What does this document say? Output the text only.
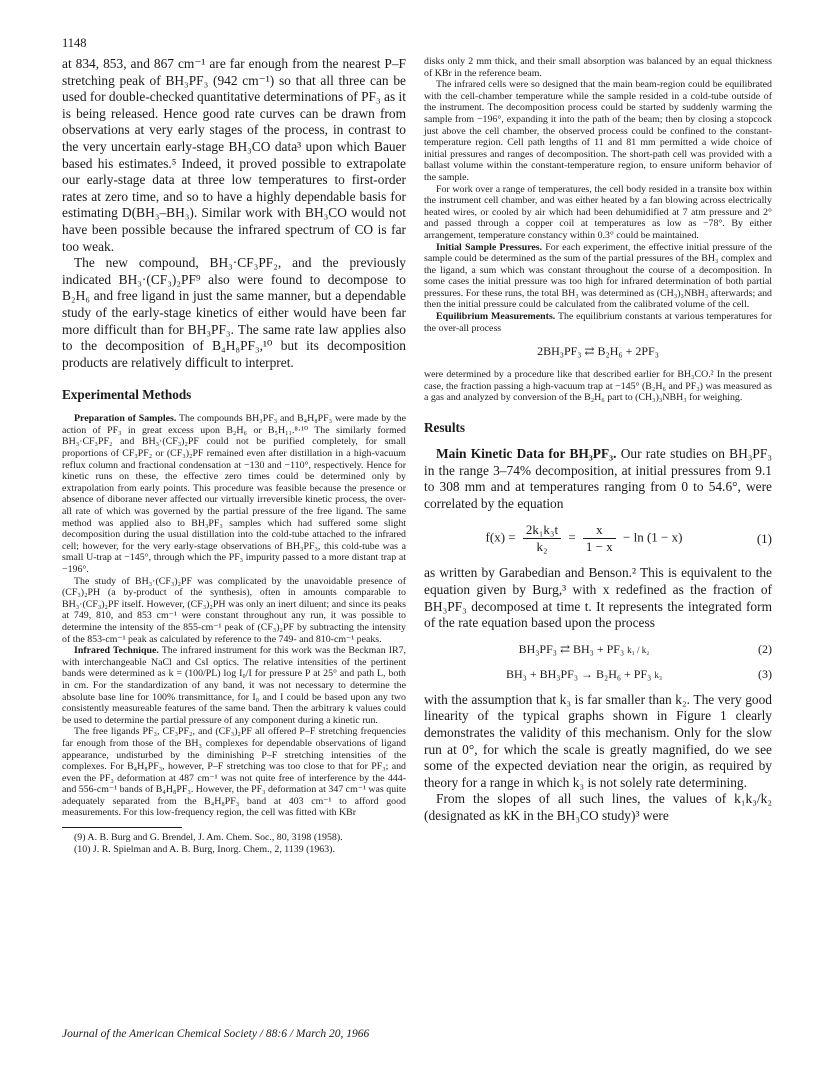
1148

at 834, 853, and 867 cm⁻¹ are far enough from the nearest P–F stretching peak of BH₃PF₃ (942 cm⁻¹) so that all three can be used for double-checked quantitative determinations of PF₃ as it is being released. Hence good rate curves can be drawn from observations at very early stages of the process, in contrast to the very uncertain early-stage BH₃CO data³ upon which Bauer based his estimates.⁵ Indeed, it proved possible to extrapolate our early-stage data at three low temperatures to first-order rates at zero time, and so to have a highly dependable basis for estimating D(BH₃–BH₃). Similar work with BH₃CO would not have been possible because the infrared spectrum of CO is far too weak.

The new compound, BH₃·CF₃PF₂, and the previously indicated BH₃·(CF₃)₂PF⁹ also were found to decompose to B₂H₆ and free ligand in just the same manner, but a dependable study of the early-stage kinetics of either would have been far more difficult than for BH₃PF₃. The same rate law applies also to the decomposition of B₄H₈PF₃,¹⁰ but its decomposition products are relatively difficult to interpret.

Experimental Methods

Preparation of Samples. The compounds BH₃PF₃ and B₄H₈PF₃ were made by the action of PF₃ in great excess upon B₂H₆ or B₅H₁₁.⁸·¹⁰ The similarly formed BH₃·CF₃PF₂ and BH₃·(CF₃)₂PF could not be purified completely, for small proportions of CF₃PF₂ or (CF₃)₂PF remained even after distillation in a high-vacuum reflux column and fractional condensation at −130 and −110°, respectively. Hence for kinetic runs on these, the effective zero times could be determined only by extrapolation from early points. This procedure was feasible because the presence or absence of diborane never affected our virtually irreversible kinetic process, the over-all rate of which was governed by the partial pressure of the free ligand. The same method was applied also to BH₃PF₃ samples which had suffered some slight decomposition during the usual distillation into the cold-tube attached to the infrared cell; however, for the very early-stage observations of BH₃PF₃, this cold-tube was a small U-trap at −145°, through which the PF₃ impurity passed to a more distant trap at −196°.

The study of BH₃·(CF₃)₂PF was complicated by the unavoidable presence of (CF₃)₂PH (a by-product of the synthesis), often in amounts comparable to BH₃·(CF₃)₂PF itself. However, (CF₃)₂PH was only an inert diluent; and since its peaks at 749, 810, and 853 cm⁻¹ were constant throughout any run, it was possible to determine the intensity of the 855-cm⁻¹ peak of (CF₃)₂PF by subtracting the intensity of the 853-cm⁻¹ peak as calculated by reference to the 749- and 810-cm⁻¹ peaks.

Infrared Technique. The infrared instrument for this work was the Beckman IR7, with interchangeable NaCl and CsI optics. The relative intensities of the pertinent bands were determined as k = (100/PL) log I₀/I for pressure P at 25° and path L, both in cm. For the standardization of any band, it was not necessary to determine the absolute base line for 100% transmittance, for I₀ and I could be based upon any two consistently measureable features of the same band. Then the arbitrary k values could be used to determine the partial pressure of any component during a kinetic run.

The free ligands PF₃, CF₃PF₂, and (CF₃)₂PF all offered P–F stretching frequencies far enough from those of the BH₃ complexes for dependable observations of ligand appearance, undisturbed by the diminishing P–F stretching intensities of the complexes. For B₄H₈PF₃, however, P–F stretching was too close to that for PF₃; and even the PF₃ deformation at 487 cm⁻¹ was not quite free of interference by the 444- and 556-cm⁻¹ bands of B₄H₈PF₃. However, the PF₃ deformation at 347 cm⁻¹ was quite adequately separated from the B₄H₈PF₃ band at 403 cm⁻¹ to afford good measurements. For this low-frequency region, the cell was fitted with KBr

(9) A. B. Burg and G. Brendel, J. Am. Chem. Soc., 80, 3198 (1958).

(10) J. R. Spielman and A. B. Burg, Inorg. Chem., 2, 1139 (1963).

disks only 2 mm thick, and their small absorption was balanced by an equal thickness of KBr in the reference beam.

The infrared cells were so designed that the main beam-region could be equilibrated with the cell-chamber temperature while the sample resided in a cold-tube outside of the instrument. The decomposition process could be started by suddenly warming the sample from −196°, expanding it into the path of the beam; then by closing a stopcock just above the cell chamber, the observed process could be confined to the constant-temperature region. Cell path lengths of 11 and 81 mm permitted a wide choice of initial pressures and ranges of decomposition. The short-path cell was provided with a ballast volume within the constant-temperature region, to ensure uniform behavior of the sample.

For work over a range of temperatures, the cell body resided in a transite box within the instrument cell chamber, and was either heated by a fan blowing across electrically heated wires, or cooled by air which had been dehumidified at 7 atm pressure and 2° and passed through a copper coil at temperatures as low as −78°. By either arrangement, temperature constancy within 0.3° could be maintained.

Initial Sample Pressures. For each experiment, the effective initial pressure of the sample could be determined as the sum of the partial pressures of the BH₃ complex and the ligand, a sum which was constant throughout the course of a decomposition. In some cases the initial pressure was too high for infrared determination of both partial pressures. For these runs, the total BH₃ was determined as (CH₃)₃NBH₃ afterwards; and then the initial pressure could be calculated from the calibrated volume of the cell.

Equilibrium Measurements. The equilibrium constants at various temperatures for the over-all process

2BH₃PF₃ ⇄ B₂H₆ + 2PF₃

were determined by a procedure like that described earlier for BH₃CO.² In the present case, the fraction passing a high-vacuum trap at −145° (B₂H₆ and PF₃) was measured as a gas and analyzed by conversion of the B₂H₆ part to (CH₃)₃NBH₃ for weighing.

Results

Main Kinetic Data for BH₃PF₃. Our rate studies on BH₃PF₃ in the range 3–74% decomposition, at initial pressures from 9.1 to 308 mm and at temperatures ranging from 0 to 54.6°, were correlated by the equation

$f(x) = \frac{\text{2k₁k₃t}}{\text{k₂}} = \frac{x}{1 - x} - \ln (1 - x)$	(1)

as written by Garabedian and Benson.² This is equivalent to the equation given by Burg,³ with x redefined as the fraction of BH₃PF₃ decomposed at time t. It represents the integrated form of the rate equation based upon the process

BH₃PF₃ ⇄ BH₃ + PF₃ k₁ / k₂	(2)
BH₃ + BH₃PF₃ → B₂H₆ + PF₃ k₃	(3)

with the assumption that k₃ is far smaller than k₂. The very good linearity of the typical graphs shown in Figure 1 clearly demonstrates the validity of this mechanism. Only for the slow run at 0°, for which the scale is greatly magnified, do we see some of the expected deviation near the origin, as required by theory for a range in which k₃ is not solely rate determining.

From the slopes of all such lines, the values of k₁k₃/k₂ (designated as kK in the BH₃CO study)³ were

Journal of the American Chemical Society / 88:6 / March 20, 1966
